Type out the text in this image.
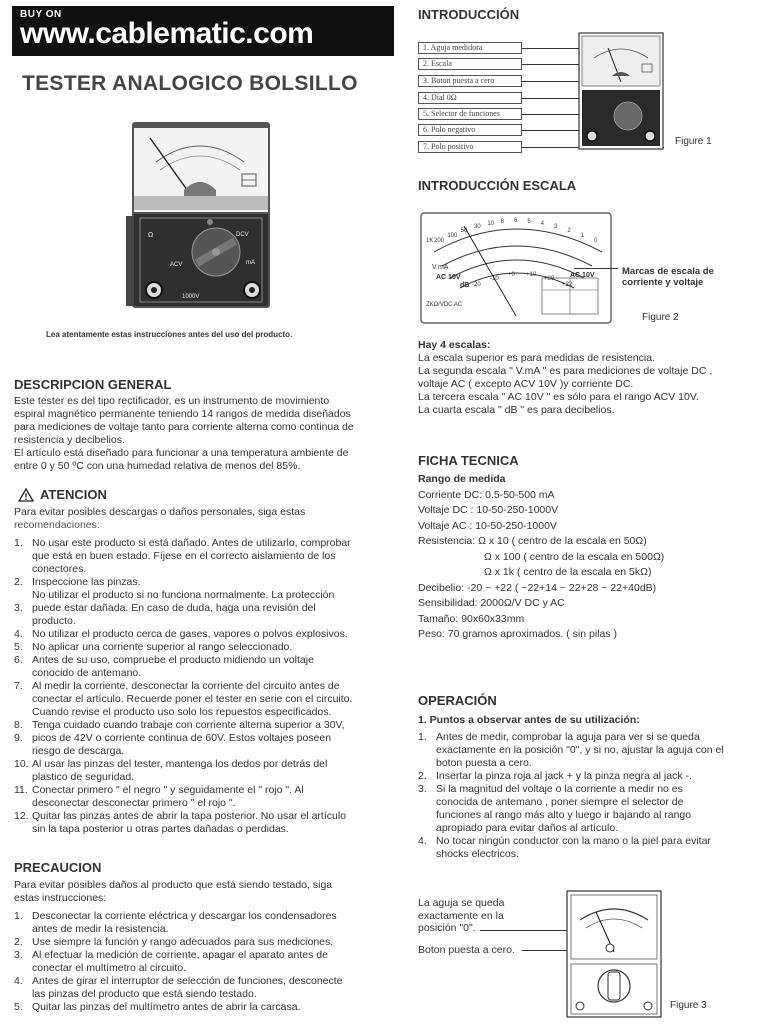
BUY ON
www.cablematic.com
TESTER ANALOGICO BOLSILLO
Ω
ACV
DCV
mA
1000V
Lea atentamente estas instrucciones antes del uso del producto.
DESCRIPCION GENERAL

Este tester es del tipo rectificador, es un instrumento de movimiento

espiral magnético permanente teniendo 14 rangos de medida diseñados

para mediciones de voltaje tanto para corriente alterna como continua de

resistencia y decibelios.

El artículo está diseñado para funcionar a una temperatura ambiente de

entre 0 y 50 ºC con una humedad relativa de menos del 85%.

ATENCION

Para evitar posibles descargas o daños personales, siga estas

recomendaciones:

1. No usar este producto si está dañado. Antes de utilizarlo, comprobar
que está en buen estado. Fíjese en el correcto aislamiento de los
conectores.
2. Inspeccione las pinzas.
No utilizar el producto si no funciona normalmente. La protección
3. puede estar dañada. En caso de duda, haga una revisión del
producto.
4. No utilizar el producto cerca de gases, vapores o polvos explosivos.
5. No aplicar una corriente superior al rango seleccionado.
6. Antes de su uso, compruebe el producto midiendo un voltaje
conocido de antemano.
7. Al medir la corriente, desconectar la corriente del circuito antes de
conectar el artículo. Recuerde poner el tester en serie con el circuito.
Cuando revise el producto uso solo los repuestos especificados.
8. Tenga cuidado cuando trabaje con corriente alterna superior a 30V,
9. picos de 42V o corriente continua de 60V. Estos voltajes poseen
riesgo de descarga.
10. Al usar las pinzas del tester, mantenga los dedos por detrás del
plastico de seguridad.
11. Conectar primero " el negro " y seguidamente el " rojo ". Al
desconectar desconectar primero " el rojo ".
12. Quitar las pinzas antes de abrir la tapa posterior. No usar el artículo
sin la tapa posterior u otras partes dañadas o perdidas.
PRECAUCION

Para evitar posibles daños al producto que está siendo testado, siga

estas instrucciones:

1. Desconectar la corriente eléctrica y descargar los condensadores
antes de medir la resistencia.
2. Use siempre la función y rango adecuados para sus mediciones.
3. Al efectuar la medición de corriente, apagar el aparato antes de
conectar el multímetro al circuito.
4. Antes de girar el interruptor de selección de funciones, desconecte
las pinzas del producto que está siendo testado.
5. Quitar las pinzas del multímetro antes de abrir la carcasa.
INTRODUCCIÓN
1. Aguja medidora
2. Escala
3. Boton puesta a cero
4. Dial 0Ω
5. Selector de funciones
6. Polo negativo
7. Polo positivo	Figure 1
INTRODUCCIÓN ESCALA
V.mA
AC 10V
dB
AC 10V
ZKΩ/VDC AC
200
100
50
30
10 8 6 5 4
3
2
1
0
-20
-10
+0 +10
+20
+22
1K
Marcas de escala de
corriente y voltaje
Figure 2

Hay 4 escalas:

La escala superior es para medidas de resistencia.

La segunda escala " V.mA " es para mediciones de voltaje DC ,

voltaje AC ( excepto ACV 10V )y corriente DC.

La tercera escala " AC 10V " es sólo para el rango ACV 10V.

La cuarta escala " dB " es para decibelios.

FICHA TECNICA
Rango de medida
Corriente DC: 0.5-50-500 mA
Voltaje DC : 10-50-250-1000V
Voltaje AC : 10-50-250-1000V
Resistencia: Ω x 10 ( centro de la escala en 50Ω)
Ω x 100 ( centro de la escala en 500Ω)
Ω x 1k ( centro de la escala en 5kΩ)
Decibelio: -20 ~ +22 ( ~22+14 ~ 22+28 ~ 22+40dB)
Sensibilidad: 2000Ω/V DC y AC
Tamaño: 90x60x33mm
Peso: 70 gramos aproximados. ( sin pilas )
OPERACIÓN
1. Puntos a observar antes de su utilización:
1. Antes de medir, comprobar la aguja para ver si se queda
exactamente en la posición "0", y si no, ajustar la aguja con el
boton puesta a cero.
2. Insertar la pinza roja al jack + y la pinza negra al jack -.
3. Si la magnitud del voltaje o la corriente a medir no es
conocida de antemano , poner siempre el selector de
funciones al rango más alto y luego ir bajando al rango
apropiado para evitar daños al artículo.
4. No tocar ningún conductor con la mano o la piel para evitar
shocks electricos.

La aguja se queda

exactamente en la

posición "0".

Boton puesta a cero.
Figure 3
